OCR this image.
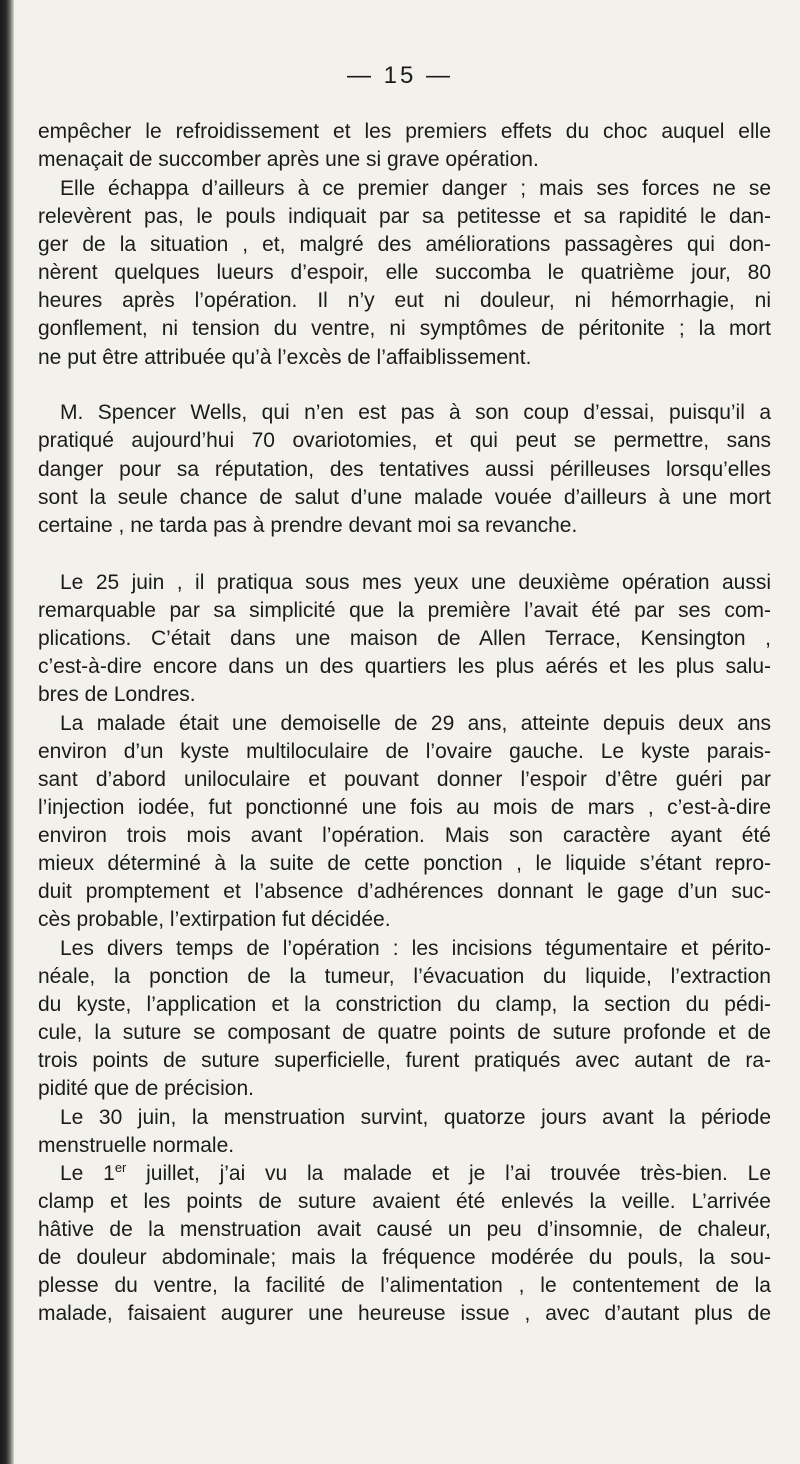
— 15 —
empêcher le refroidissement et les premiers effets du choc auquel elle
menaçait de succomber après une si grave opération.
Elle échappa d’ailleurs à ce premier danger ; mais ses forces ne se
relevèrent pas, le pouls indiquait par sa petitesse et sa rapidité le dan-
ger de la situation , et, malgré des améliorations passagères qui don-
nèrent quelques lueurs d’espoir, elle succomba le quatrième jour, 80
heures après l’opération. Il n’y eut ni douleur, ni hémorrhagie, ni
gonflement, ni tension du ventre, ni symptômes de péritonite ; la mort
ne put être attribuée qu’à l’excès de l’affaiblissement.
M. Spencer Wells, qui n’en est pas à son coup d’essai, puisqu’il a
pratiqué aujourd’hui 70 ovariotomies, et qui peut se permettre, sans
danger pour sa réputation, des tentatives aussi périlleuses lorsqu’elles
sont la seule chance de salut d’une malade vouée d’ailleurs à une mort
certaine , ne tarda pas à prendre devant moi sa revanche.
Le 25 juin , il pratiqua sous mes yeux une deuxième opération aussi
remarquable par sa simplicité que la première l’avait été par ses com-
plications. C’était dans une maison de Allen Terrace, Kensington ,
c’est-à-dire encore dans un des quartiers les plus aérés et les plus salu-
bres de Londres.
La malade était une demoiselle de 29 ans, atteinte depuis deux ans
environ d’un kyste multiloculaire de l’ovaire gauche. Le kyste parais-
sant d’abord uniloculaire et pouvant donner l’espoir d’être guéri par
l’injection iodée, fut ponctionné une fois au mois de mars , c’est-à-dire
environ trois mois avant l’opération. Mais son caractère ayant été
mieux déterminé à la suite de cette ponction , le liquide s’étant repro-
duit promptement et l’absence d’adhérences donnant le gage d’un suc-
cès probable, l’extirpation fut décidée.
Les divers temps de l’opération : les incisions tégumentaire et périto-
néale, la ponction de la tumeur, l’évacuation du liquide, l’extraction
du kyste, l’application et la constriction du clamp, la section du pédi-
cule, la suture se composant de quatre points de suture profonde et de
trois points de suture superficielle, furent pratiqués avec autant de ra-
pidité que de précision.
Le 30 juin, la menstruation survint, quatorze jours avant la période
menstruelle normale.
Le 1er juillet, j’ai vu la malade et je l’ai trouvée très-bien. Le
clamp et les points de suture avaient été enlevés la veille. L’arrivée
hâtive de la menstruation avait causé un peu d’insomnie, de chaleur,
de douleur abdominale; mais la fréquence modérée du pouls, la sou-
plesse du ventre, la facilité de l’alimentation , le contentement de la
malade, faisaient augurer une heureuse issue , avec d’autant plus de
